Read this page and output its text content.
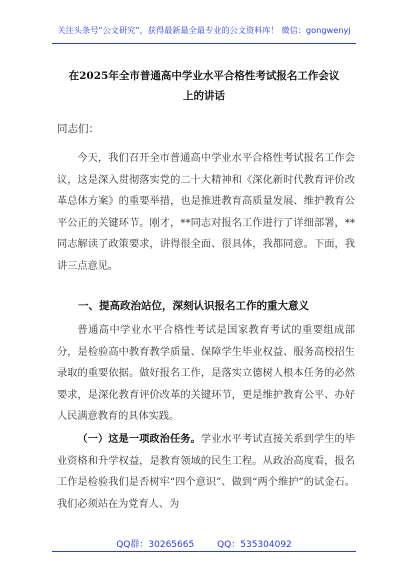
关注头条号“公文研究”，获得最新最全最专业的公文资料库！ 微信：gongwenyj
在2025年全市普通高中学业水平合格性考试报名工作会议
上的讲话
同志们：
今天，我们召开全市普通高中学业水平合格性考试报名工作会议，这是深入贯彻落实党的二十大精神和《深化新时代教育评价改革总体方案》的重要举措，也是推进教育高质量发展、维护教育公平公正的关键环节。刚才，**同志对报名工作进行了详细部署，**同志解读了政策要求，讲得很全面、很具体，我都同意。下面，我讲三点意见。
一、提高政治站位，深刻认识报名工作的重大意义
普通高中学业水平合格性考试是国家教育考试的重要组成部分，是检验高中教育教学质量、保障学生毕业权益、服务高校招生录取的重要依据。做好报名工作，是落实立德树人根本任务的必然要求，是深化教育评价改革的关键环节，更是维护教育公平、办好人民满意教育的具体实践。
（一）这是一项政治任务。学业水平考试直接关系到学生的毕业资格和升学权益，是教育领域的民生工程。从政治高度看，报名工作是检验我们是否树牢“四个意识”、做到“两个维护”的试金石。我们必须站在为党育人、为
QQ群：30265665	QQ：535304092
